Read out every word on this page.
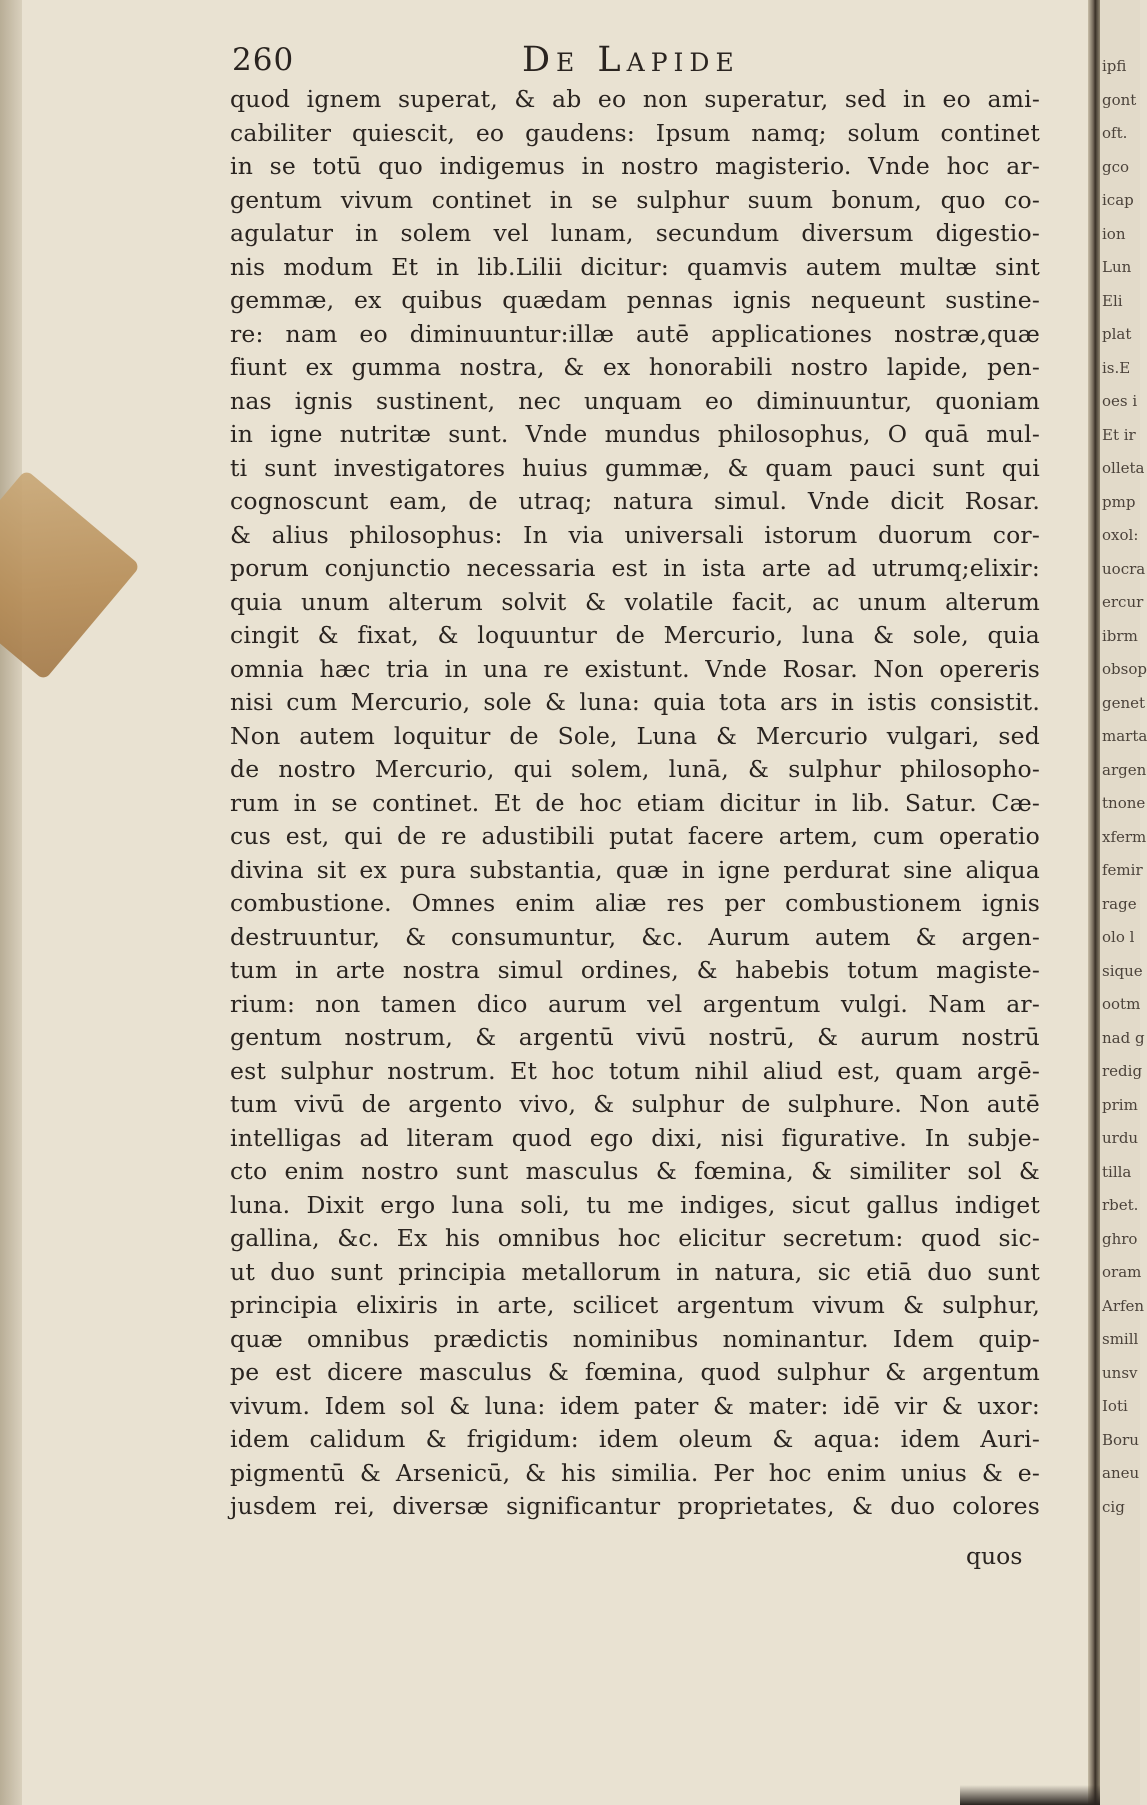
260	De Lapide
quod ignem superat, & ab eo non superatur, sed in eo ami-
cabiliter quiescit, eo gaudens: Ipsum namq; solum continet
in se totū quo indigemus in nostro magisterio. Vnde hoc ar-
gentum vivum continet in se sulphur suum bonum, quo co-
agulatur in solem vel lunam, secundum diversum digestio-
nis modum Et in lib.Lilii dicitur: quamvis autem multæ sint
gemmæ, ex quibus quædam pennas ignis nequeunt sustine-
re: nam eo diminuuntur:illæ autē applicationes nostræ,quæ
fiunt ex gumma nostra, & ex honorabili nostro lapide, pen-
nas ignis sustinent, nec unquam eo diminuuntur, quoniam
in igne nutritæ sunt. Vnde mundus philosophus, O quā mul-
ti sunt investigatores huius gummæ, & quam pauci sunt qui
cognoscunt eam, de utraq; natura simul. Vnde dicit Rosar.
& alius philosophus: In via universali istorum duorum cor-
porum conjunctio necessaria est in ista arte ad utrumq;elixir:
quia unum alterum solvit & volatile facit, ac unum alterum
cingit & fixat, & loquuntur de Mercurio, luna & sole, quia
omnia hæc tria in una re existunt. Vnde Rosar. Non opereris
nisi cum Mercurio, sole & luna: quia tota ars in istis consistit.
Non autem loquitur de Sole, Luna & Mercurio vulgari, sed
de nostro Mercurio, qui solem, lunā, & sulphur philosopho-
rum in se continet. Et de hoc etiam dicitur in lib. Satur. Cæ-
cus est, qui de re adustibili putat facere artem, cum operatio
divina sit ex pura substantia, quæ in igne perdurat sine aliqua
combustione. Omnes enim aliæ res per combustionem ignis
destruuntur, & consumuntur, &c. Aurum autem & argen-
tum in arte nostra simul ordines, & habebis totum magiste-
rium: non tamen dico aurum vel argentum vulgi. Nam ar-
gentum nostrum, & argentū vivū nostrū, & aurum nostrū
est sulphur nostrum. Et hoc totum nihil aliud est, quam argē-
tum vivū de argento vivo, & sulphur de sulphure. Non autē
intelligas ad literam quod ego dixi, nisi figurative. In subje-
cto enim nostro sunt masculus & fœmina, & similiter sol &
luna. Dixit ergo luna soli, tu me indiges, sicut gallus indiget
gallina, &c. Ex his omnibus hoc elicitur secretum: quod sic-
ut duo sunt principia metallorum in natura, sic etiā duo sunt
principia elixiris in arte, scilicet argentum vivum & sulphur,
quæ omnibus prædictis nominibus nominantur. Idem quip-
pe est dicere masculus & fœmina, quod sulphur & argentum
vivum. Idem sol & luna: idem pater & mater: idē vir & uxor:
idem calidum & frigidum: idem oleum & aqua: idem Auri-
pigmentū & Arsenicū, & his similia. Per hoc enim unius & e-
jusdem rei, diversæ significantur proprietates, & duo colores
quos
ipfi
gont
oft.
gco
icap
ion
Lun
Eli
plat
is.E
oes i
Et ir
olleta
pmp
oxol:
uocra
ercur
ibrm
obsop
genet
marta
argen
tnone
xferm
femir
rage
olo l
sique
ootm
nad g
redig
prim
urdu
tilla
rbet.
ghro
oram
Arfen
smill
unsv
Ioti
Boru
aneu
cig
